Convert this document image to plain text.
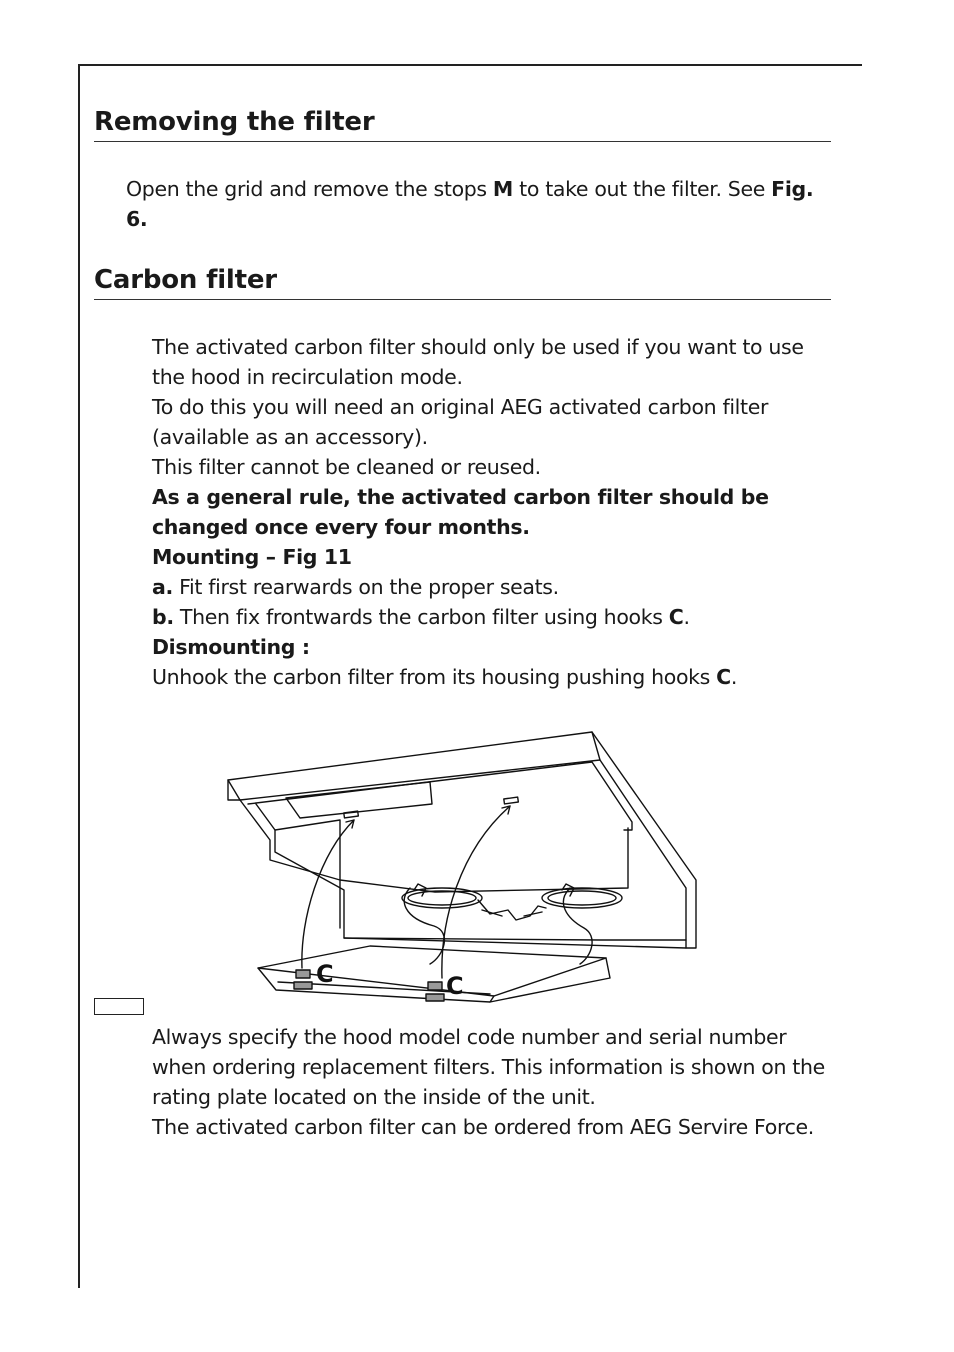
Removing the filter

Open the grid and remove the stops M to take out the filter. See Fig. 6.

Carbon filter
The activated carbon filter should only be used if you want to use the hood in recirculation mode.
To do this you will need an original AEG activated carbon filter (available as an accessory).
This filter cannot be cleaned or reused.
As a general rule, the activated carbon filter should be changed once every four months.
Mounting – Fig 11
a. Fit first rearwards on the proper seats.
b. Then fix frontwards the carbon filter using hooks C.
Dismounting :
Unhook the carbon filter from its housing pushing hooks C.
C	C
Always specify the hood model code number and serial number when ordering replacement filters. This information is shown on the rating plate located on the inside of the unit.
The activated carbon filter can be ordered from AEG Servire Force.
